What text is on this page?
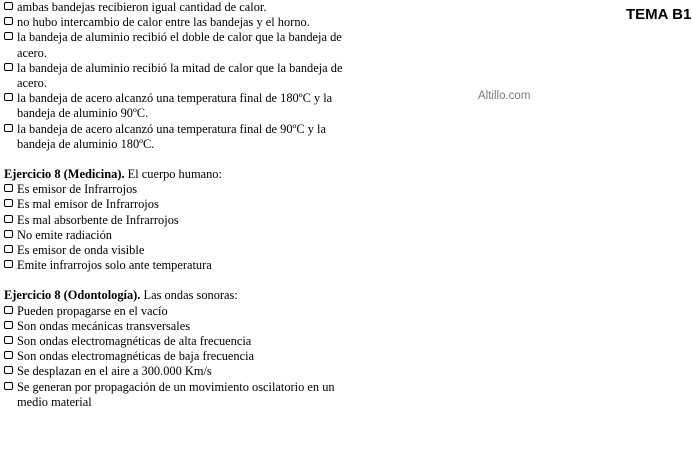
TEMA B1
Altillo.com
ambas bandejas recibieron igual cantidad de calor.
no hubo intercambio de calor entre las bandejas y el horno.
la bandeja de aluminio recibió el doble de calor que la bandeja de acero.
la bandeja de aluminio recibió la mitad de calor que la bandeja de acero.
la bandeja de acero alcanzó una temperatura final de 180ºC y la bandeja de aluminio 90ºC.
la bandeja de acero alcanzó una temperatura final de 90ºC y la bandeja de aluminio 180ºC.
Ejercicio 8 (Medicina). El cuerpo humano:
Es emisor de Infrarrojos
Es mal emisor de Infrarrojos
Es mal absorbente de Infrarrojos
No emite radiación
Es emisor de onda visible
Emite infrarrojos solo ante temperatura
Ejercicio 8 (Odontología). Las ondas sonoras:
Pueden propagarse en el vacío
Son ondas mecánicas transversales
Son ondas electromagnéticas de alta frecuencia
Son ondas electromagnéticas de baja frecuencia
Se desplazan en el aire a 300.000 Km/s
Se generan por propagación de un movimiento oscilatorio en un medio material
